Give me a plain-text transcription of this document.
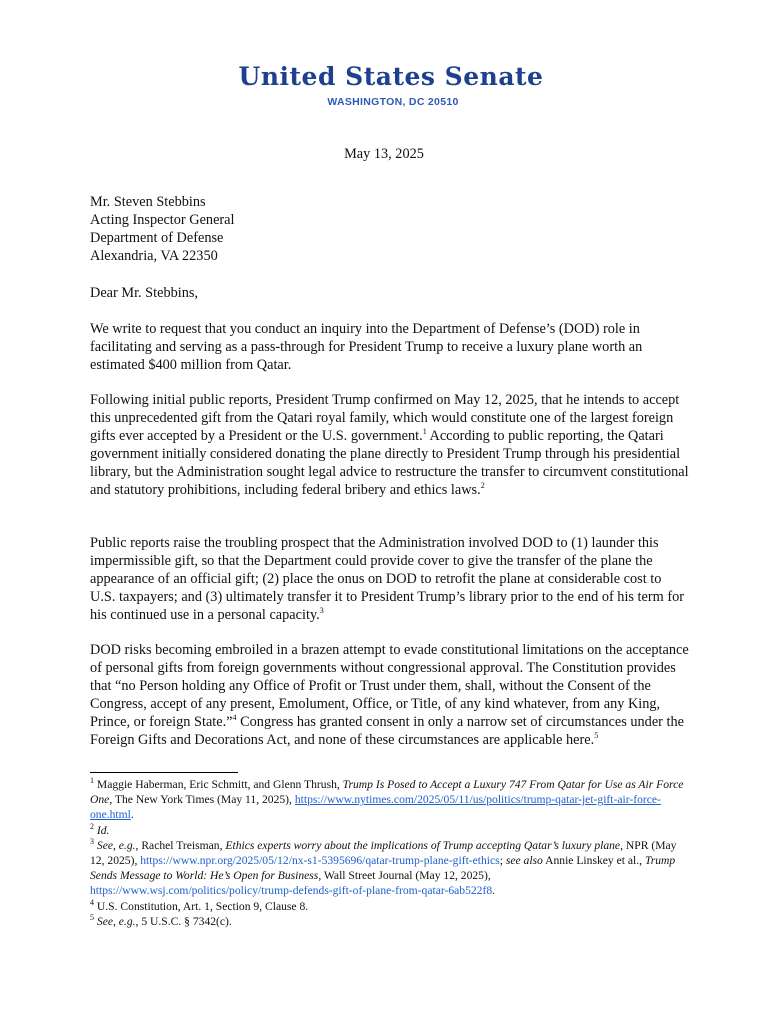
United States Senate
WASHINGTON, DC 20510
May 13, 2025
Mr. Steven Stebbins
Acting Inspector General
Department of Defense
Alexandria, VA 22350
Dear Mr. Stebbins,

We write to request that you conduct an inquiry into the Department of Defense’s (DOD) role in facilitating and serving as a pass-through for President Trump to receive a luxury plane worth an estimated $400 million from Qatar.

Following initial public reports, President Trump confirmed on May 12, 2025, that he intends to accept this unprecedented gift from the Qatari royal family, which would constitute one of the largest foreign gifts ever accepted by a President or the U.S. government.$^1$ According to public reporting, the Qatari government initially considered donating the plane directly to President Trump through his presidential library, but the Administration sought legal advice to restructure the transfer to circumvent constitutional and statutory prohibitions, including federal bribery and ethics laws.$^2$

Public reports raise the troubling prospect that the Administration involved DOD to (1) launder this impermissible gift, so that the Department could provide cover to give the transfer of the plane the appearance of an official gift; (2) place the onus on DOD to retrofit the plane at considerable cost to U.S. taxpayers; and (3) ultimately transfer it to President Trump’s library prior to the end of his term for his continued use in a personal capacity.$^3$

DOD risks becoming embroiled in a brazen attempt to evade constitutional limitations on the acceptance of personal gifts from foreign governments without congressional approval. The Constitution provides that “no Person holding any Office of Profit or Trust under them, shall, without the Consent of the Congress, accept of any present, Emolument, Office, or Title, of any kind whatever, from any King, Prince, or foreign State.”$^4$ Congress has granted consent in only a narrow set of circumstances under the Foreign Gifts and Decorations Act, and none of these circumstances are applicable here.$^5$

$^1$ Maggie Haberman, Eric Schmitt, and Glenn Thrush, Trump Is Posed to Accept a Luxury 747 From Qatar for Use as Air Force One, The New York Times (May 11, 2025), https://www.nytimes.com/2025/05/11/us/politics/trump-qatar-jet-gift-air-force-one.html.

$^2$ Id.

$^3$ See, e.g., Rachel Treisman, Ethics experts worry about the implications of Trump accepting Qatar’s luxury plane, NPR (May 12, 2025), https://www.npr.org/2025/05/12/nx-s1-5395696/qatar-trump-plane-gift-ethics; see also Annie Linskey et al., Trump Sends Message to World: He’s Open for Business, Wall Street Journal (May 12, 2025), https://www.wsj.com/politics/policy/trump-defends-gift-of-plane-from-qatar-6ab522f8.

$^4$ U.S. Constitution, Art. 1, Section 9, Clause 8.

$^5$ See, e.g., 5 U.S.C. § 7342(c).
